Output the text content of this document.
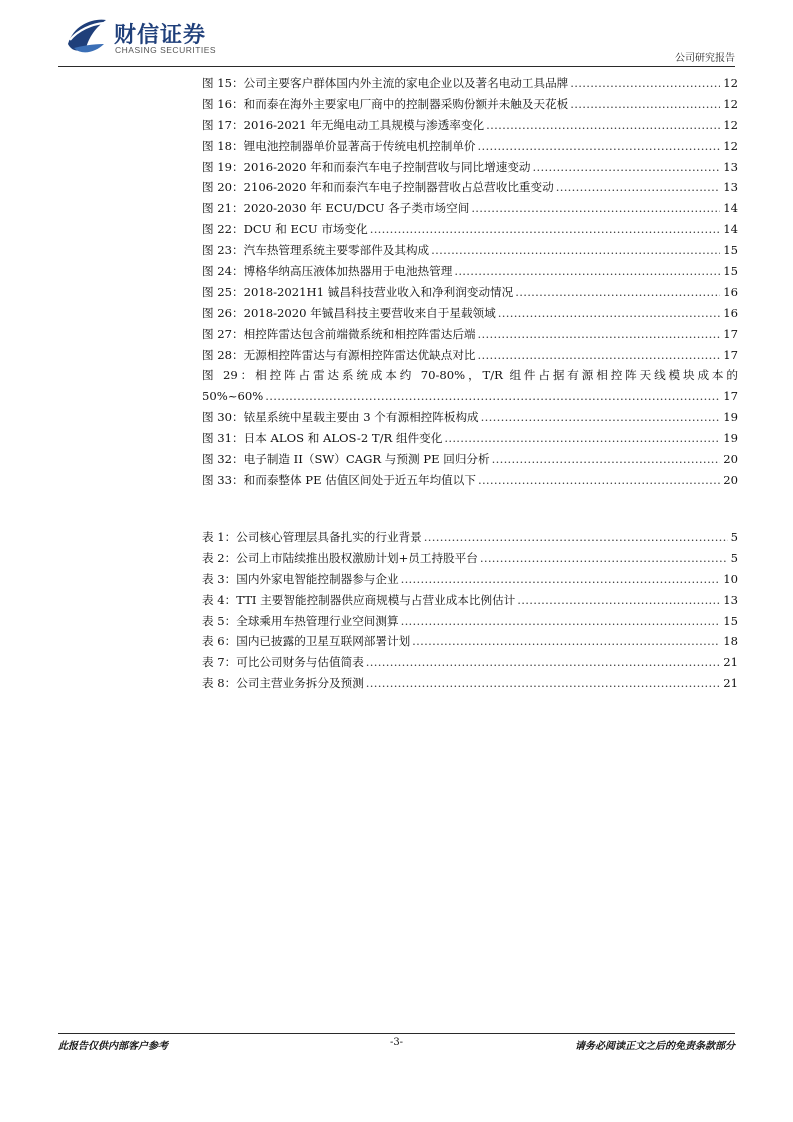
财信证券
CHASING SECURITIES
公司研究报告
图 15：公司主要客户群体国内外主流的家电企业以及著名电动工具品牌 .....	12
图 16：和而泰在海外主要家电厂商中的控制器采购份额并未触及天花板 .....	12
图 17：2016-2021 年无绳电动工具规模与渗透率变化 .....	12
图 18：锂电池控制器单价显著高于传统电机控制单价 .....	12
图 19：2016-2020 年和而泰汽车电子控制营收与同比增速变动 .....	13
图 20：2106-2020 年和而泰汽车电子控制器营收占总营收比重变动 .....	13
图 21：2020-2030 年 ECU/DCU 各子类市场空间 .....	14
图 22：DCU 和 ECU 市场变化 .....	14
图 23：汽车热管理系统主要零部件及其构成 .....	15
图 24：博格华纳高压液体加热器用于电池热管理 .....	15
图 25：2018-2021H1 铖昌科技营业收入和净利润变动情况 .....	16
图 26：2018-2020 年铖昌科技主要营收来自于星载领域 .....	16
图 27：相控阵雷达包含前端微系统和相控阵雷达后端 .....	17
图 28：无源相控阵雷达与有源相控阵雷达优缺点对比 .....	17
图 29：相控阵占雷达系统成本约 70-80%，T/R 组件占据有源相控阵天线模块成本的
50%~60% .....	17
图 30：铱星系统中星载主要由 3 个有源相控阵板构成 .....	19
图 31：日本 ALOS 和 ALOS-2 T/R 组件变化 .....	19
图 32：电子制造 II（SW）CAGR 与预测 PE 回归分析 .....	20
图 33：和而泰整体 PE 估值区间处于近五年均值以下 .....	20
表 1：公司核心管理层具备扎实的行业背景 .....	5
表 2：公司上市陆续推出股权激励计划+员工持股平台 .....	5
表 3：国内外家电智能控制器参与企业 .....	10
表 4：TTI 主要智能控制器供应商规模与占营业成本比例估计 .....	13
表 5：全球乘用车热管理行业空间测算 .....	15
表 6：国内已披露的卫星互联网部署计划 .....	18
表 7：可比公司财务与估值简表 .....	21
表 8：公司主营业务拆分及预测 .....	21
此报告仅供内部客户参考	-3-	请务必阅读正文之后的免责条款部分
